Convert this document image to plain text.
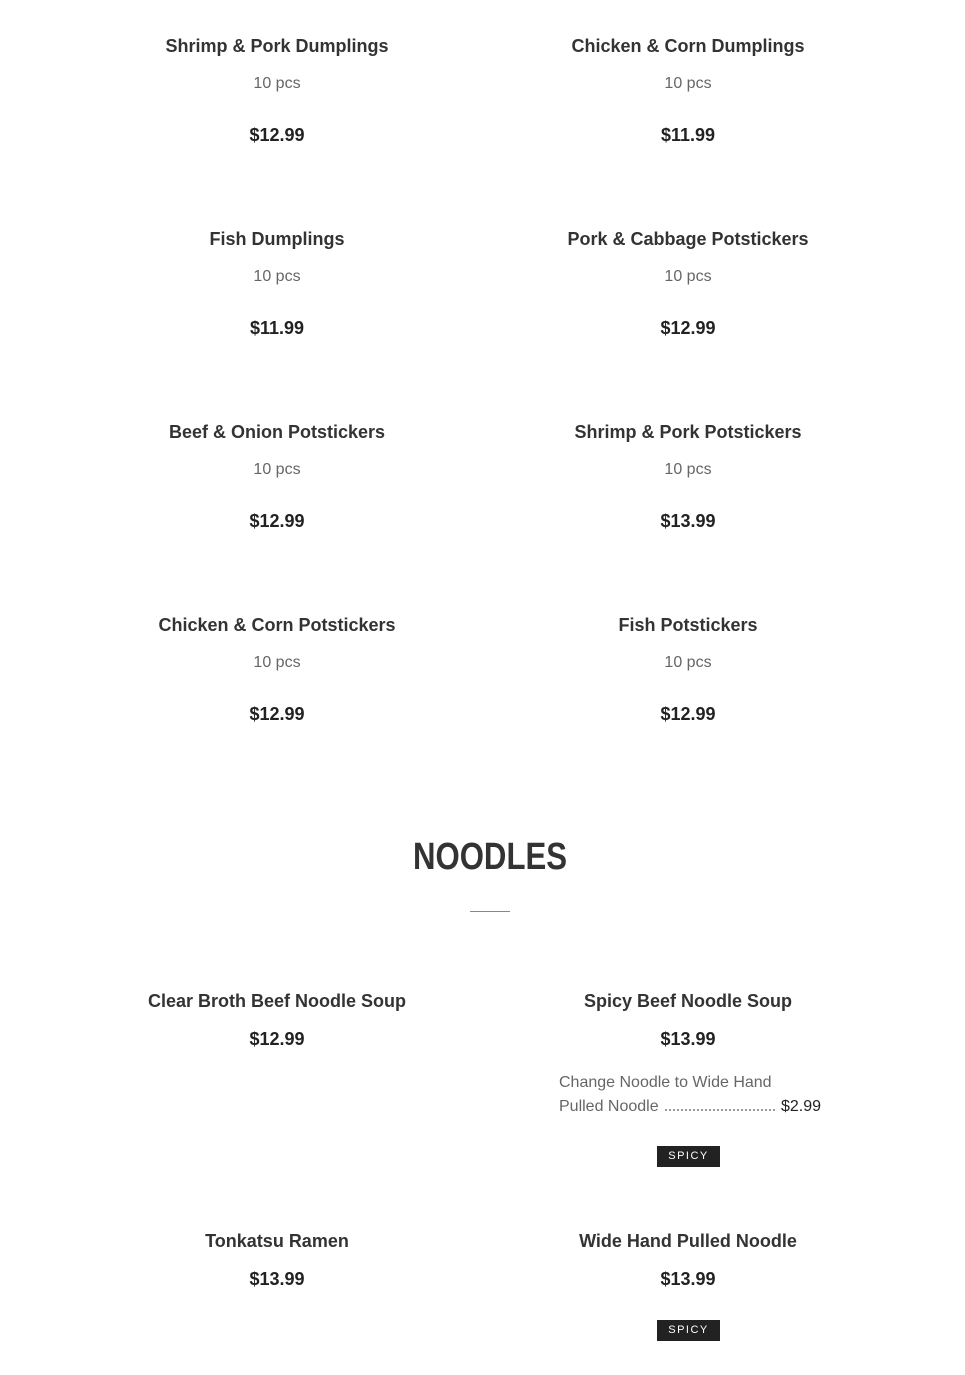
Shrimp & Pork Dumplings
10 pcs
$12.99
Chicken & Corn Dumplings
10 pcs
$11.99
Fish Dumplings
10 pcs
$11.99
Pork & Cabbage Potstickers
10 pcs
$12.99
Beef & Onion Potstickers
10 pcs
$12.99
Shrimp & Pork Potstickers
10 pcs
$13.99
Chicken & Corn Potstickers
10 pcs
$12.99
Fish Potstickers
10 pcs
$12.99
NOODLES
Clear Broth Beef Noodle Soup
$12.99
Spicy Beef Noodle Soup
$13.99
Change Noodle to Wide Hand
Pulled Noodle	$2.99
SPICY
Tonkatsu Ramen
$13.99
Wide Hand Pulled Noodle
$13.99
SPICY
